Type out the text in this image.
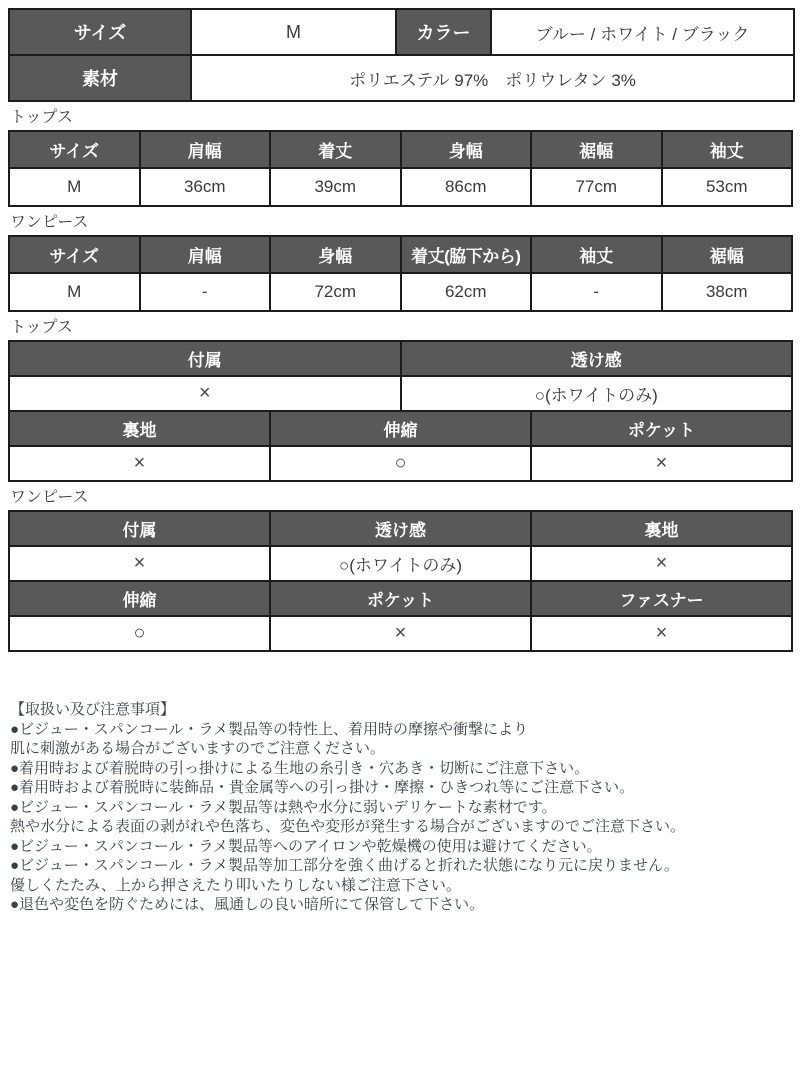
サイズ	M	カラー	ブルー / ホワイト / ブラック
素材	ポリエステル 97%　ポリウレタン 3%		
トップス
サイズ	肩幅	着丈	身幅	裾幅	袖丈
M	36cm	39cm	86cm	77cm	53cm
ワンピース
サイズ	肩幅	身幅	着丈(脇下から)	袖丈	裾幅
M	-	72cm	62cm	-	38cm
トップス
付属		透け感	
×		○(ホワイトのみ)	
裏地	伸縮		ポケット
×	○		×
ワンピース
付属	透け感	裏地
×	○(ホワイトのみ)	×
伸縮	ポケット	ファスナー
○	×	×
【取扱い及び注意事項】
●ビジュー・スパンコール・ラメ製品等の特性上、着用時の摩擦や衝撃により
肌に刺激がある場合がございますのでご注意ください。
●着用時および着脱時の引っ掛けによる生地の糸引き・穴あき・切断にご注意下さい。
●着用時および着脱時に装飾品・貴金属等への引っ掛け・摩擦・ひきつれ等にご注意下さい。
●ビジュー・スパンコール・ラメ製品等は熱や水分に弱いデリケートな素材です。
熱や水分による表面の剥がれや色落ち、変色や変形が発生する場合がございますのでご注意下さい。
●ビジュー・スパンコール・ラメ製品等へのアイロンや乾燥機の使用は避けてください。
●ビジュー・スパンコール・ラメ製品等加工部分を強く曲げると折れた状態になり元に戻りません。
優しくたたみ、上から押さえたり叩いたりしない様ご注意下さい。
●退色や変色を防ぐためには、風通しの良い暗所にて保管して下さい。
